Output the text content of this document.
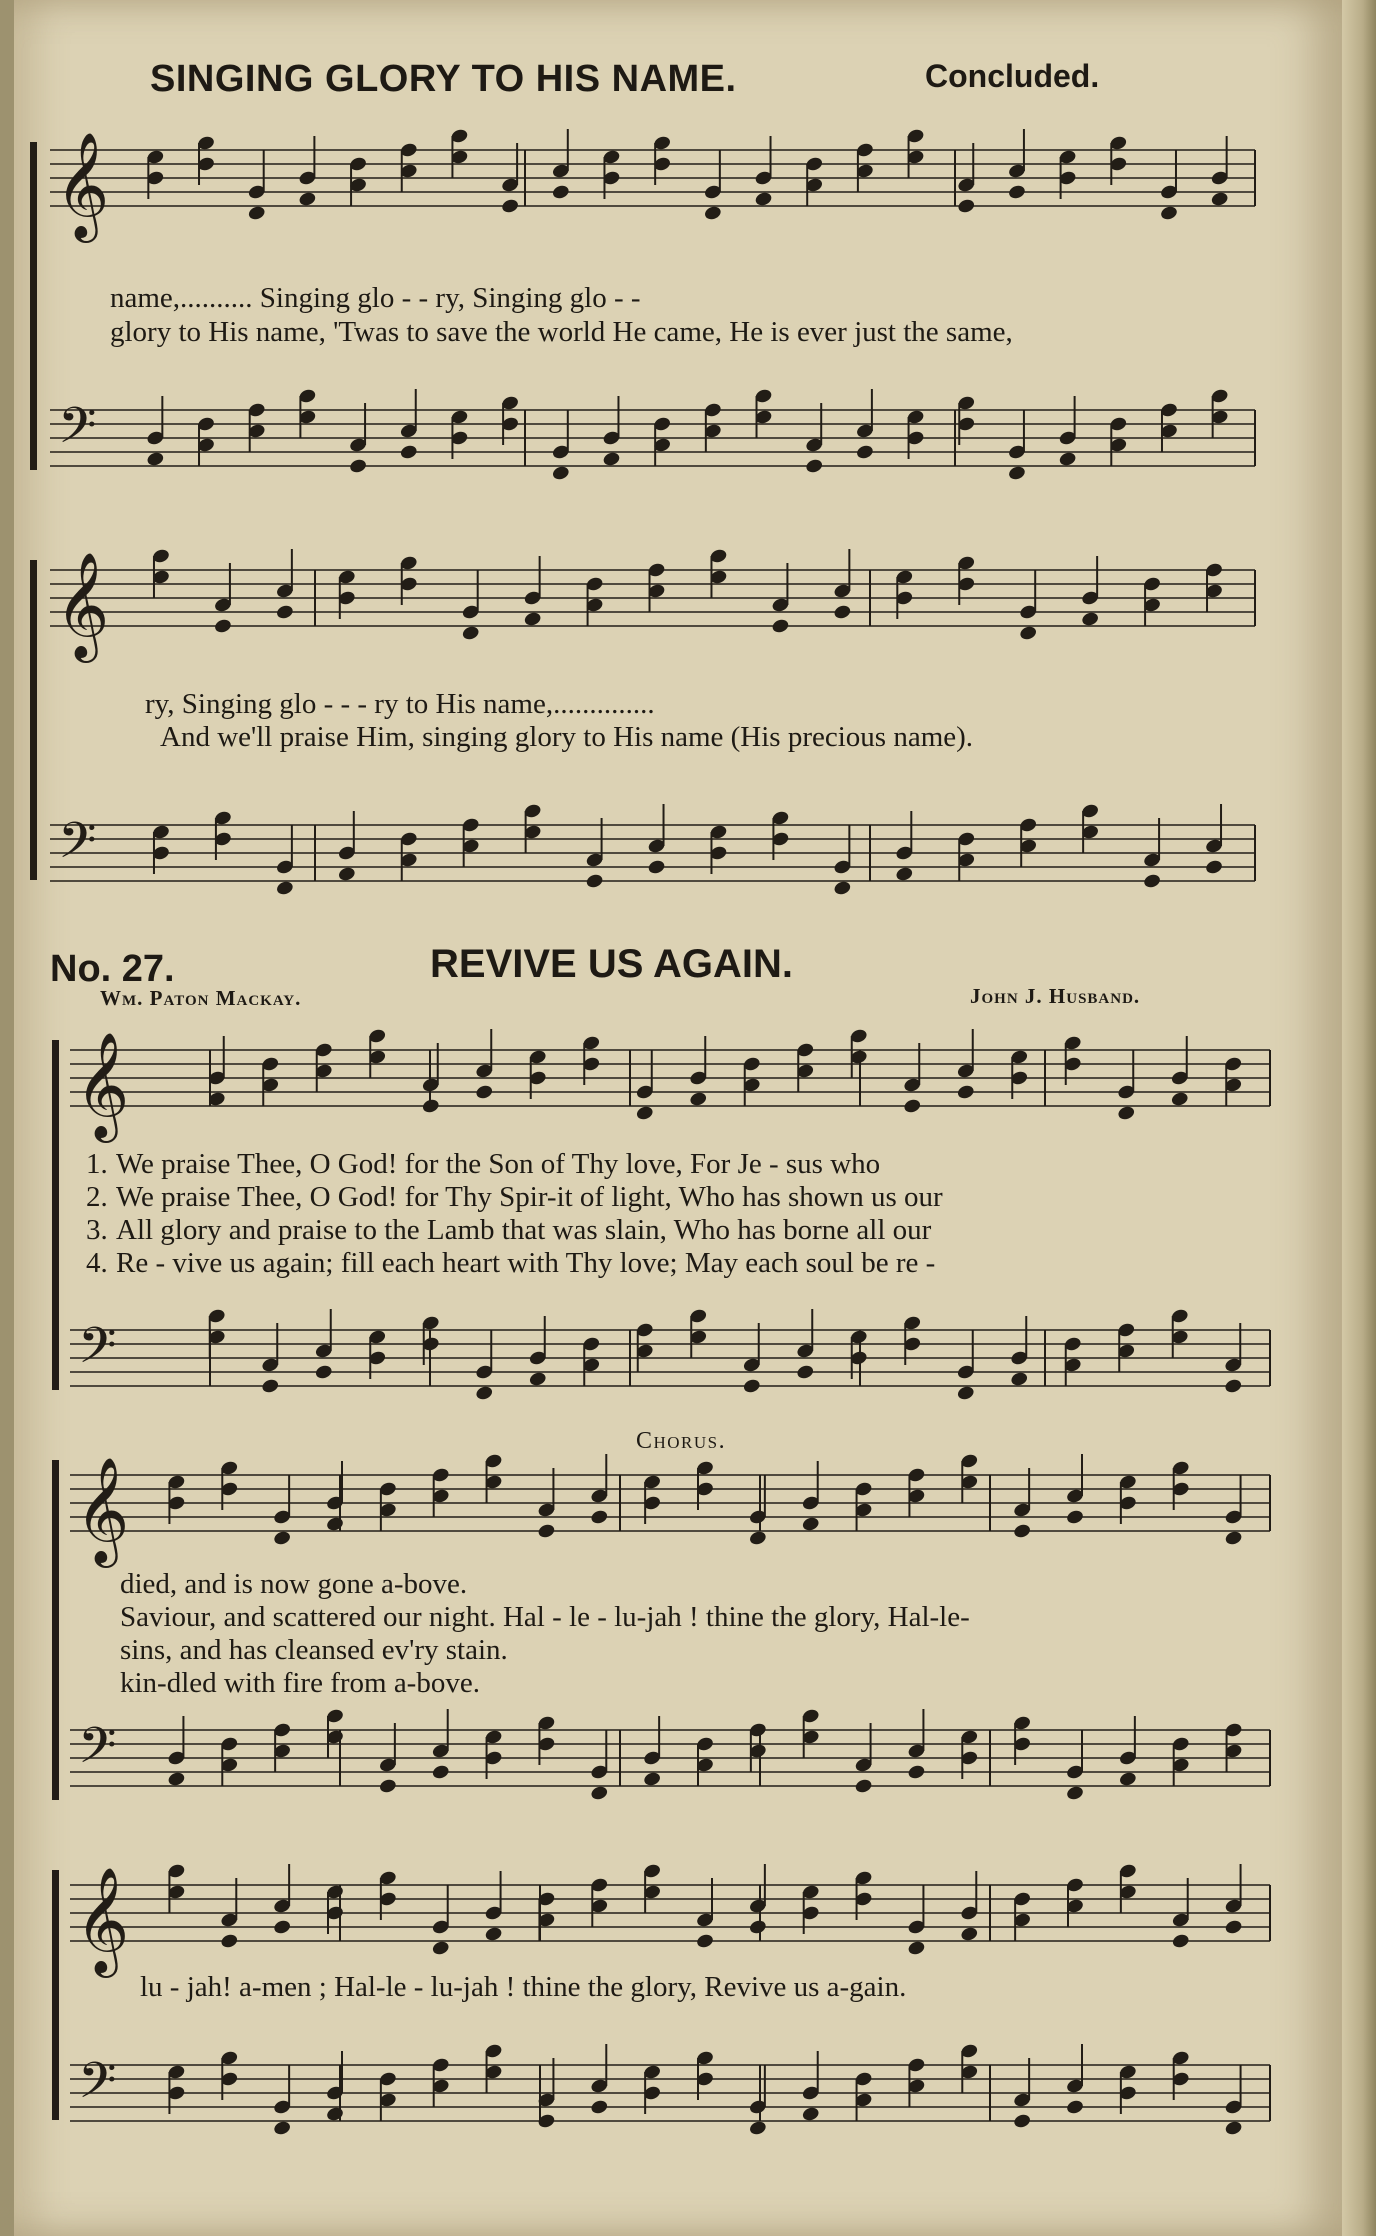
SINGING GLORY TO HIS NAME.	Concluded.
𝄞
𝄢
𝄞
𝄢
𝄞
𝄢
𝄞
𝄢
𝄞
𝄢
name,.......... Singing glo - - ry, Singing glo - -
glory to His name, 'Twas to save the world He came, He is ever just the same,
ry, Singing glo - - - ry to His name,..............
And we'll praise Him, singing glory to His name (His precious name).
No. 27.	REVIVE US AGAIN.
Wm. Paton Mackay.	John J. Husband.
1. We praise Thee, O God! for the Son of Thy love, For Je - sus who
2. We praise Thee, O God! for Thy Spir-it of light, Who has shown us our
3. All glory and praise to the Lamb that was slain, Who has borne all our
4. Re - vive us again; fill each heart with Thy love; May each soul be re -
Chorus.
died, and is now gone a-bove.
Saviour, and scattered our night. Hal - le - lu-jah ! thine the glory, Hal-le-
sins, and has cleansed ev'ry stain.
kin-dled with fire from a-bove.
lu - jah! a-men ; Hal-le - lu-jah ! thine the glory, Revive us a-gain.
